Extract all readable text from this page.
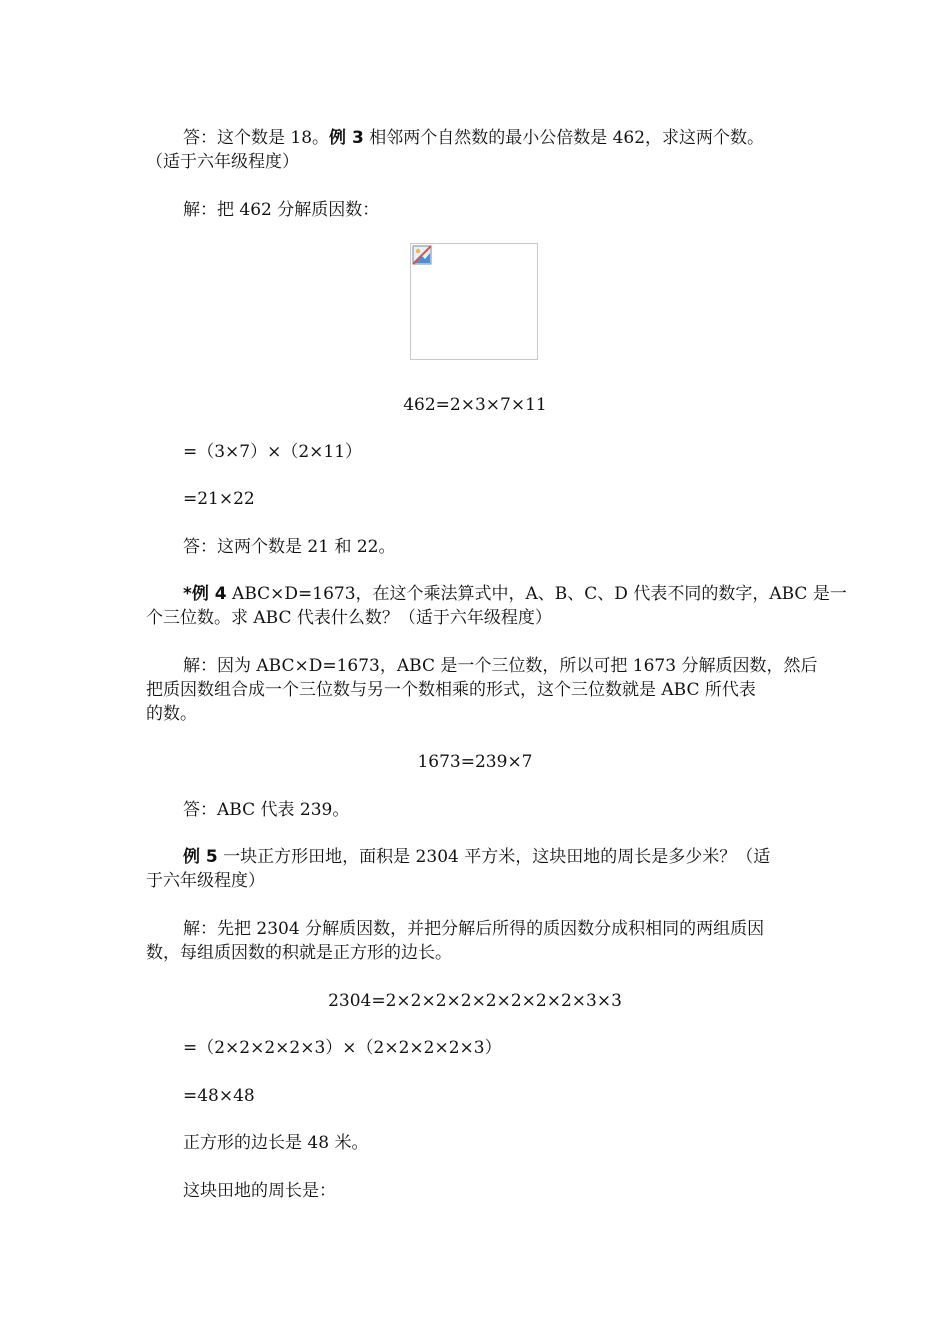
答：这个数是 18。例 3 相邻两个自然数的最小公倍数是 462，求这两个数。
（适于六年级程度）
解：把 462 分解质因数：
462=2×3×7×11
=（3×7）×（2×11）
=21×22
答：这两个数是 21 和 22。
*例 4 ABC×D=1673，在这个乘法算式中，A、B、C、D 代表不同的数字，ABC 是一
个三位数。求 ABC 代表什么数？（适于六年级程度）
解：因为 ABC×D=1673，ABC 是一个三位数，所以可把 1673 分解质因数，然后
把质因数组合成一个三位数与另一个数相乘的形式，这个三位数就是 ABC 所代表
的数。
1673=239×7
答：ABC 代表 239。
例 5 一块正方形田地，面积是 2304 平方米，这块田地的周长是多少米？（适
于六年级程度）
解：先把 2304 分解质因数，并把分解后所得的质因数分成积相同的两组质因
数，每组质因数的积就是正方形的边长。
2304=2×2×2×2×2×2×2×2×3×3
=（2×2×2×2×3）×（2×2×2×2×3）
=48×48
正方形的边长是 48 米。
这块田地的周长是：
